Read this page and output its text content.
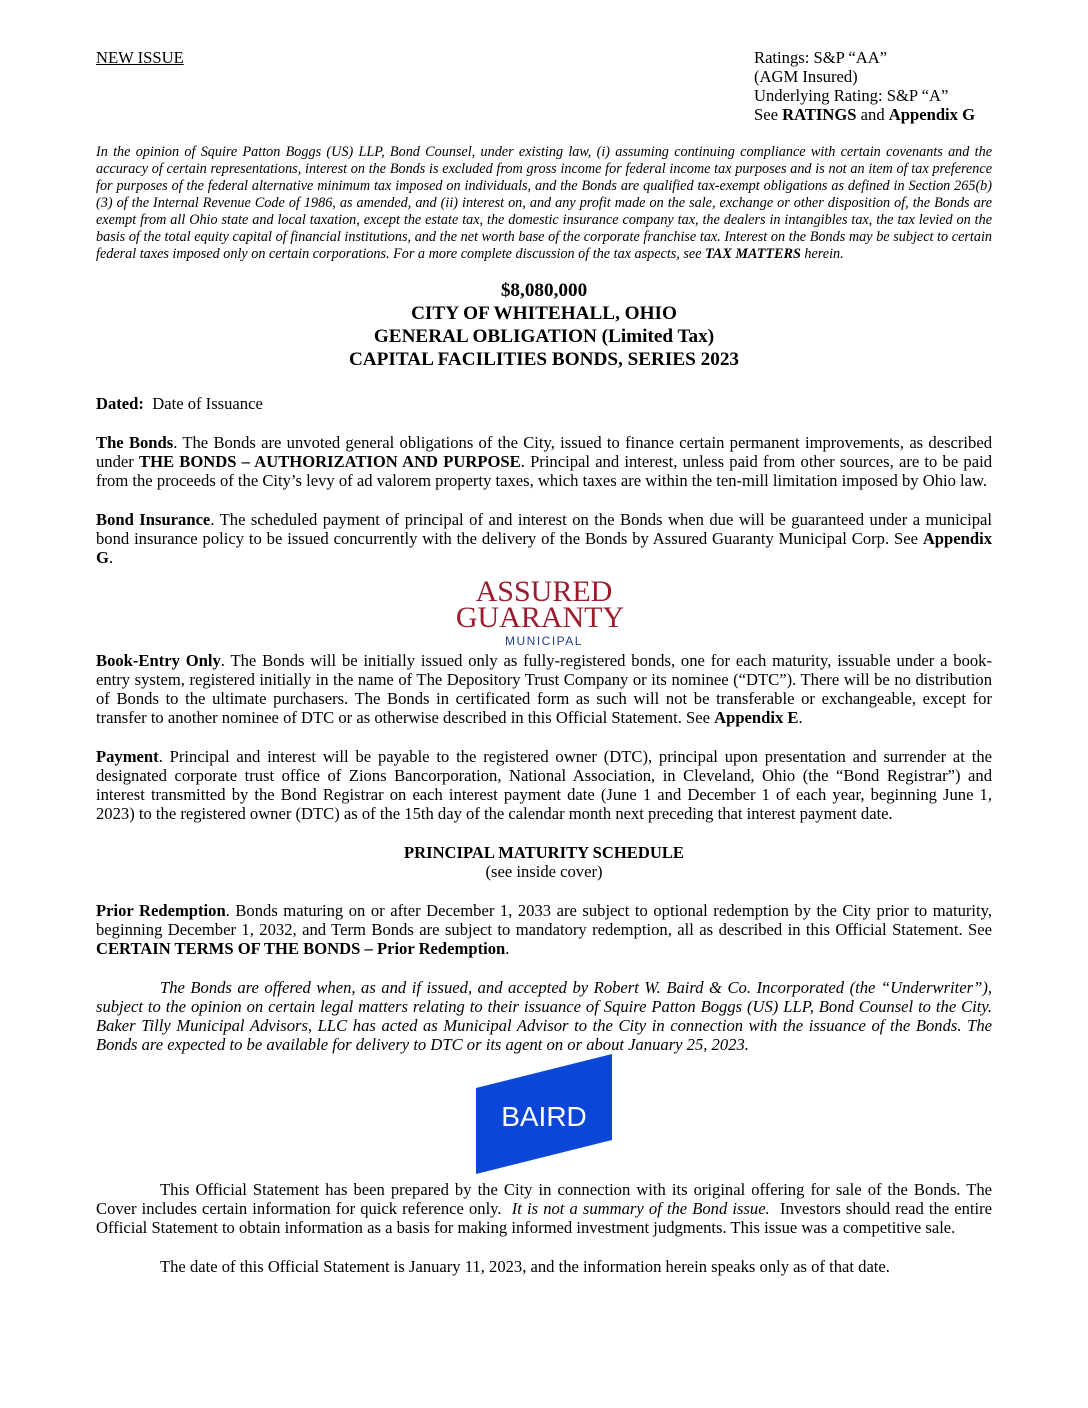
NEW ISSUE	Ratings: S&P “AA”
(AGM Insured)
Underlying Rating: S&P “A”
See RATINGS and Appendix G

In the opinion of Squire Patton Boggs (US) LLP, Bond Counsel, under existing law, (i) assuming continuing compliance with certain covenants and the accuracy of certain representations, interest on the Bonds is excluded from gross income for federal income tax purposes and is not an item of tax preference for purposes of the federal alternative minimum tax imposed on individuals, and the Bonds are qualified tax-exempt obligations as defined in Section 265(b)(3) of the Internal Revenue Code of 1986, as amended, and (ii) interest on, and any profit made on the sale, exchange or other disposition of, the Bonds are exempt from all Ohio state and local taxation, except the estate tax, the domestic insurance company tax, the dealers in intangibles tax, the tax levied on the basis of the total equity capital of financial institutions, and the net worth base of the corporate franchise tax. Interest on the Bonds may be subject to certain federal taxes imposed only on certain corporations. For a more complete discussion of the tax aspects, see TAX MATTERS herein.

$8,080,000
CITY OF WHITEHALL, OHIO
GENERAL OBLIGATION (Limited Tax)
CAPITAL FACILITIES BONDS, SERIES 2023

Dated: Date of Issuance

The Bonds. The Bonds are unvoted general obligations of the City, issued to finance certain permanent improvements, as described under THE BONDS – AUTHORIZATION AND PURPOSE. Principal and interest, unless paid from other sources, are to be paid from the proceeds of the City’s levy of ad valorem property taxes, which taxes are within the ten-mill limitation imposed by Ohio law.

Bond Insurance. The scheduled payment of principal of and interest on the Bonds when due will be guaranteed under a municipal bond insurance policy to be issued concurrently with the delivery of the Bonds by Assured Guaranty Municipal Corp. See Appendix G.

ASSURED
GUARANTY
MUNICIPAL

Book-Entry Only. The Bonds will be initially issued only as fully-registered bonds, one for each maturity, issuable under a book-entry system, registered initially in the name of The Depository Trust Company or its nominee (“DTC”). There will be no distribution of Bonds to the ultimate purchasers. The Bonds in certificated form as such will not be transferable or exchangeable, except for transfer to another nominee of DTC or as otherwise described in this Official Statement. See Appendix E.

Payment. Principal and interest will be payable to the registered owner (DTC), principal upon presentation and surrender at the designated corporate trust office of Zions Bancorporation, National Association, in Cleveland, Ohio (the “Bond Registrar”) and interest transmitted by the Bond Registrar on each interest payment date (June 1 and December 1 of each year, beginning June 1, 2023) to the registered owner (DTC) as of the 15th day of the calendar month next preceding that interest payment date.

PRINCIPAL MATURITY SCHEDULE
(see inside cover)

Prior Redemption. Bonds maturing on or after December 1, 2033 are subject to optional redemption by the City prior to maturity, beginning December 1, 2032, and Term Bonds are subject to mandatory redemption, all as described in this Official Statement. See CERTAIN TERMS OF THE BONDS – Prior Redemption.

The Bonds are offered when, as and if issued, and accepted by Robert W. Baird & Co. Incorporated (the “Underwriter”), subject to the opinion on certain legal matters relating to their issuance of Squire Patton Boggs (US) LLP, Bond Counsel to the City. Baker Tilly Municipal Advisors, LLC has acted as Municipal Advisor to the City in connection with the issuance of the Bonds. The Bonds are expected to be available for delivery to DTC or its agent on or about January 25, 2023.

BAIRD

This Official Statement has been prepared by the City in connection with its original offering for sale of the Bonds. The Cover includes certain information for quick reference only. It is not a summary of the Bond issue. Investors should read the entire Official Statement to obtain information as a basis for making informed investment judgments. This issue was a competitive sale.

The date of this Official Statement is January 11, 2023, and the information herein speaks only as of that date.
